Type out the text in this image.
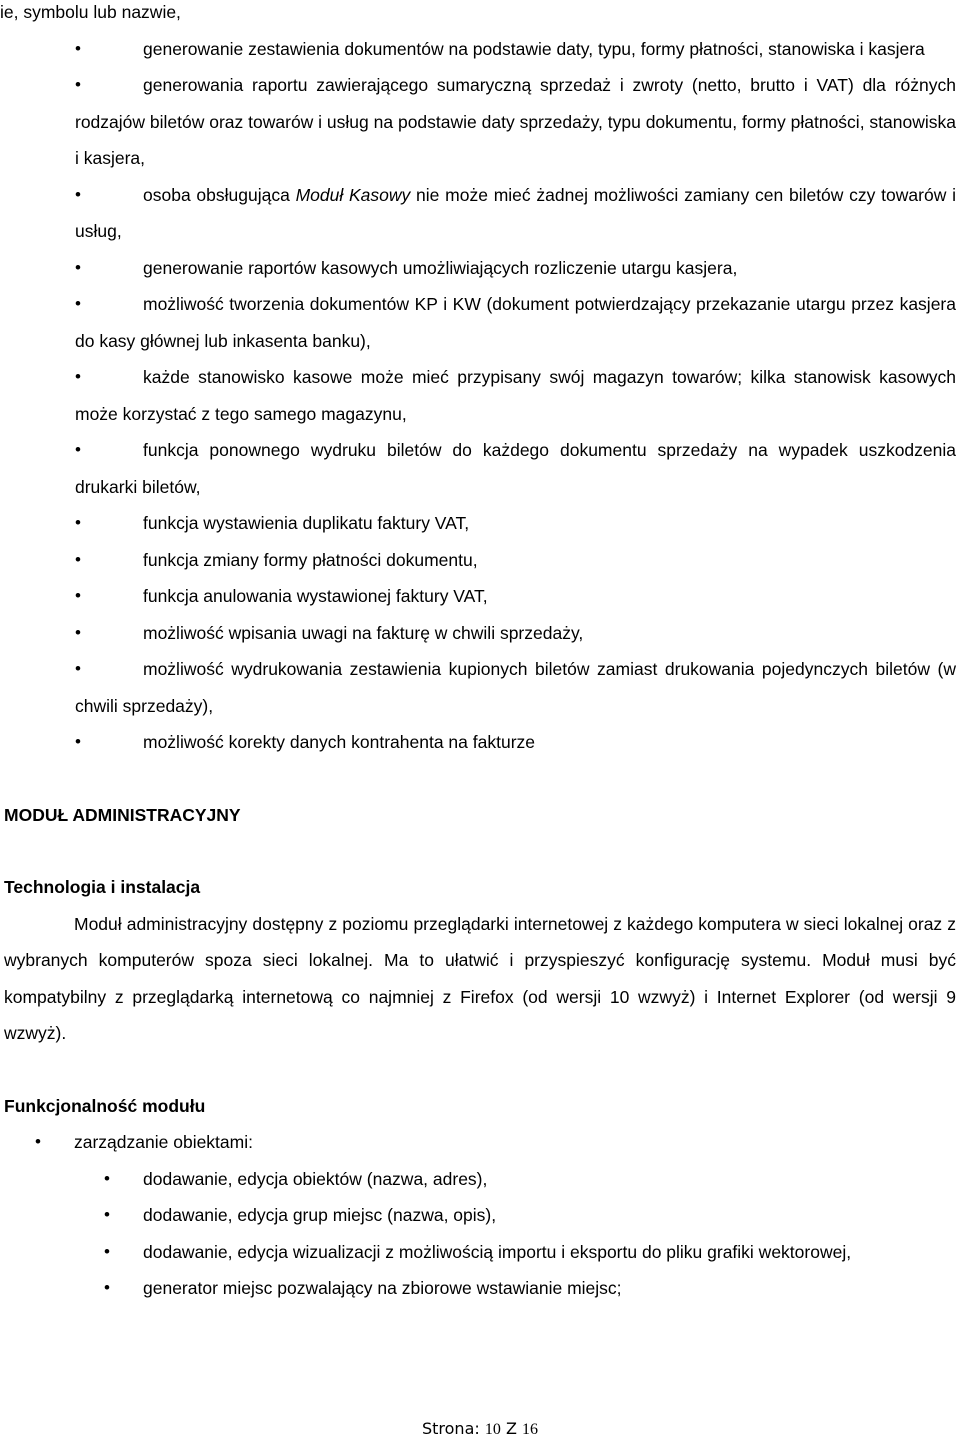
ie, symbolu lub nazwie,

•	generowanie zestawienia dokumentów na podstawie daty, typu, formy płatności, stanowiska i kasjera

•	generowania raportu zawierającego sumaryczną sprzedaż i zwroty (netto, brutto i VAT) dla różnych rodzajów biletów oraz towarów i usług na podstawie daty sprzedaży, typu dokumentu, formy płatności, stanowiska i kasjera,

•	osoba obsługująca Moduł Kasowy nie może mieć żadnej możliwości zamiany cen biletów czy towarów i usług,

•	generowanie raportów kasowych umożliwiających rozliczenie utargu kasjera,

•	możliwość tworzenia dokumentów KP i KW (dokument potwierdzający przekazanie utargu przez kasjera do kasy głównej lub inkasenta banku),

•	każde stanowisko kasowe może mieć przypisany swój magazyn towarów; kilka stanowisk kasowych może korzystać z tego samego magazynu,

•	funkcja ponownego wydruku biletów do każdego dokumentu sprzedaży na wypadek uszkodzenia drukarki biletów,

•	funkcja wystawienia duplikatu faktury VAT,

•	funkcja zmiany formy płatności dokumentu,

•	funkcja anulowania wystawionej faktury VAT,

•	możliwość wpisania uwagi na fakturę w chwili sprzedaży,

•	możliwość wydrukowania zestawienia kupionych biletów zamiast drukowania pojedynczych biletów (w chwili sprzedaży),

•	możliwość korekty danych kontrahenta na fakturze

MODUŁ ADMINISTRACYJNY

Technologia i instalacja

Moduł administracyjny dostępny z poziomu przeglądarki internetowej z każdego komputera w sieci lokalnej oraz z wybranych komputerów spoza sieci lokalnej. Ma to ułatwić i przyspieszyć konfigurację systemu. Moduł musi być kompatybilny z przeglądarką internetową co najmniej z Firefox (od wersji 10 wzwyż) i Internet Explorer (od wersji 9 wzwyż).

Funkcjonalność modułu

• zarządzanie obiektami:

• dodawanie, edycja obiektów (nazwa, adres),

• dodawanie, edycja grup miejsc (nazwa, opis),

• dodawanie, edycja wizualizacji z możliwością importu i eksportu do pliku grafiki wektorowej,

• generator miejsc pozwalający na zbiorowe wstawianie miejsc;

Strona: 10 Z 16
